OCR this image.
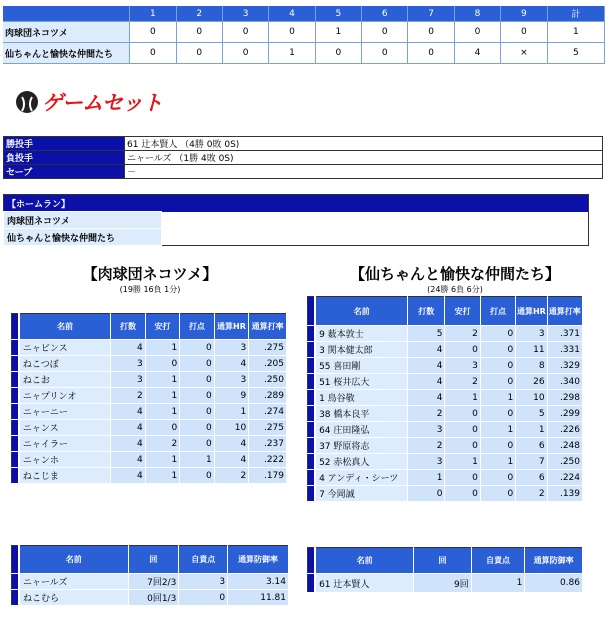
	1	2	3	4	5	6	7	8	9	計
肉球団ネコツメ	0	0	0	0	1	0	0	0	0	1
仙ちゃんと愉快な仲間たち	0	0	0	1	0	0	0	4	×	5
ゲームセット
勝投手	61 辻本賢人 （4勝 0敗 0S)
負投手	ニャールズ （1勝 4敗 0S)
セーブ	－
【ホームラン】	
肉球団ネコツメ	
仙ちゃんと愉快な仲間たち	
【肉球団ネコツメ】
(19勝 16負 1分)
	名前	打数	安打	打点	通算HR	通算打率
	ニャビンス	4	1	0	3	.275
	ねこつぼ	3	0	0	4	.205
	ねこお	3	1	0	3	.250
	ニャプリンオ	2	1	0	9	.289
	ニャーニー	4	1	0	1	.274
	ニャンス	4	0	0	10	.275
	ニャイラー	4	2	0	4	.237
	ニャンホ	4	1	1	4	.222
	ねこじま	4	1	0	2	.179
	名前	回	自責点	通算防御率
	ニャールズ	7回2/3	3	3.14
	ねこむら	0回1/3	0	11.81
【仙ちゃんと愉快な仲間たち】
(24勝 6負 6分)
	名前	打数	安打	打点	通算HR	通算打率
	9 薮本敦士	5	2	0	3	.371
	3 関本健太郎	4	0	0	11	.331
	55 喜田剛	4	3	0	8	.329
	51 桜井広大	4	2	0	26	.340
	1 鳥谷敬	4	1	1	10	.298
	38 橋本良平	2	0	0	5	.299
	64 庄田隆弘	3	0	1	1	.226
	37 野原将志	2	0	0	6	.248
	52 赤松真人	3	1	1	7	.250
	4 アンディ・シーツ	1	0	0	6	.224
	7 今岡誠	0	0	0	2	.139
	名前	回	自責点	通算防御率
	61 辻本賢人	9回	1	0.86
